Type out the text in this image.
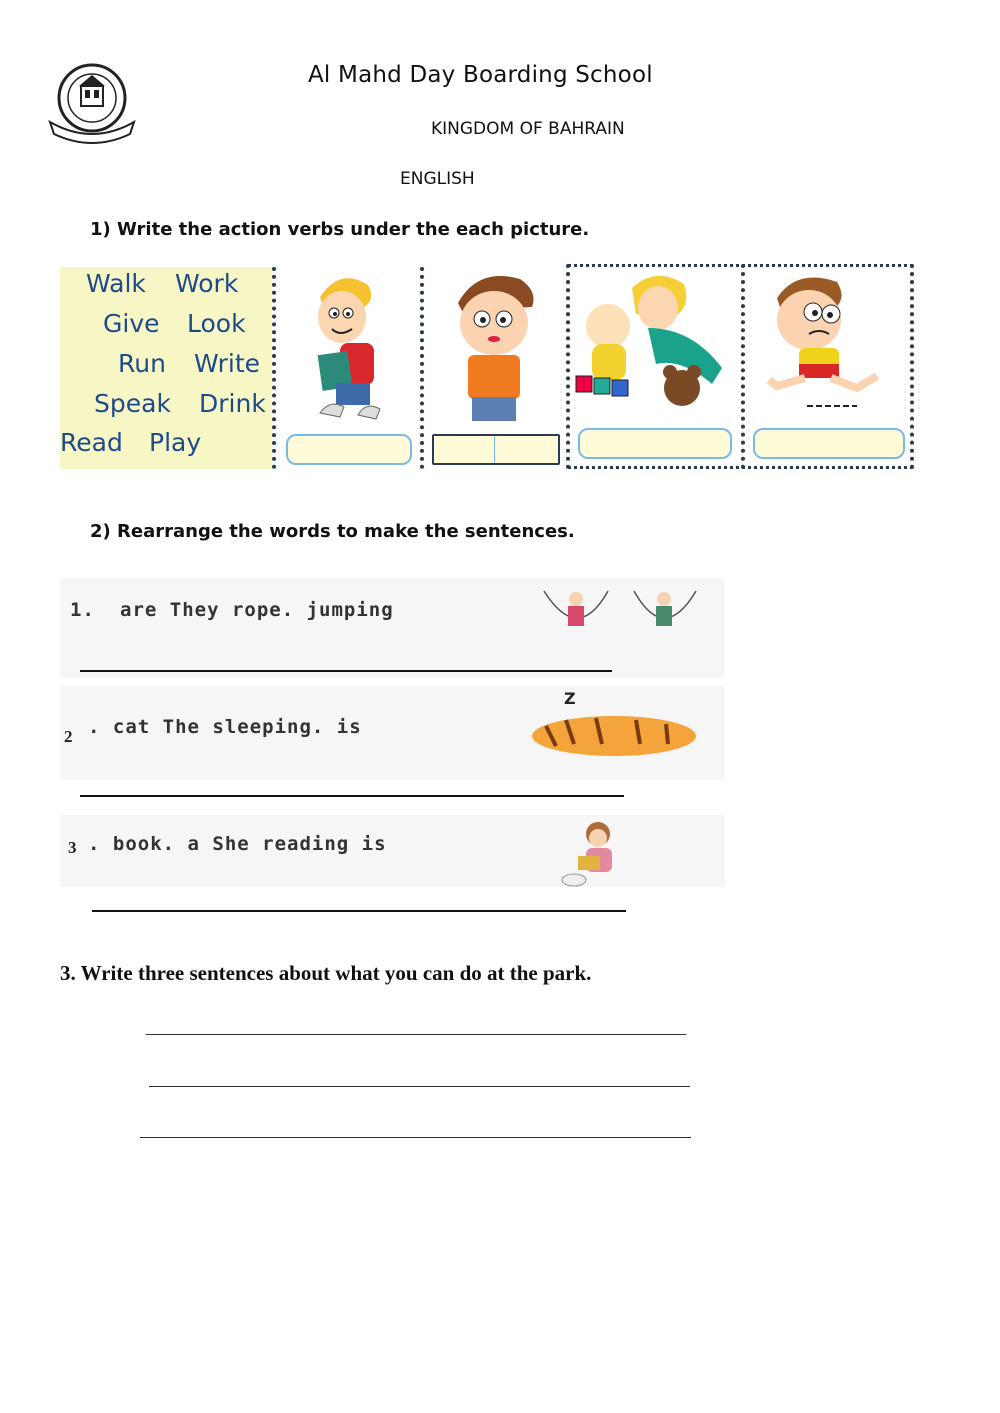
Al Mahd Day Boarding School
KINGDOM OF BAHRAIN
ENGLISH
1) Write the action verbs under the each picture.
Walk Work
Give Look
Run Write
Speak Drink
Read Play
2) Rearrange the words to make the sentences.
1. are They rope. jumping
2 . cat The sleeping. is
Z
3 . book. a She reading is
3. Write three sentences about what you can do at the park.
